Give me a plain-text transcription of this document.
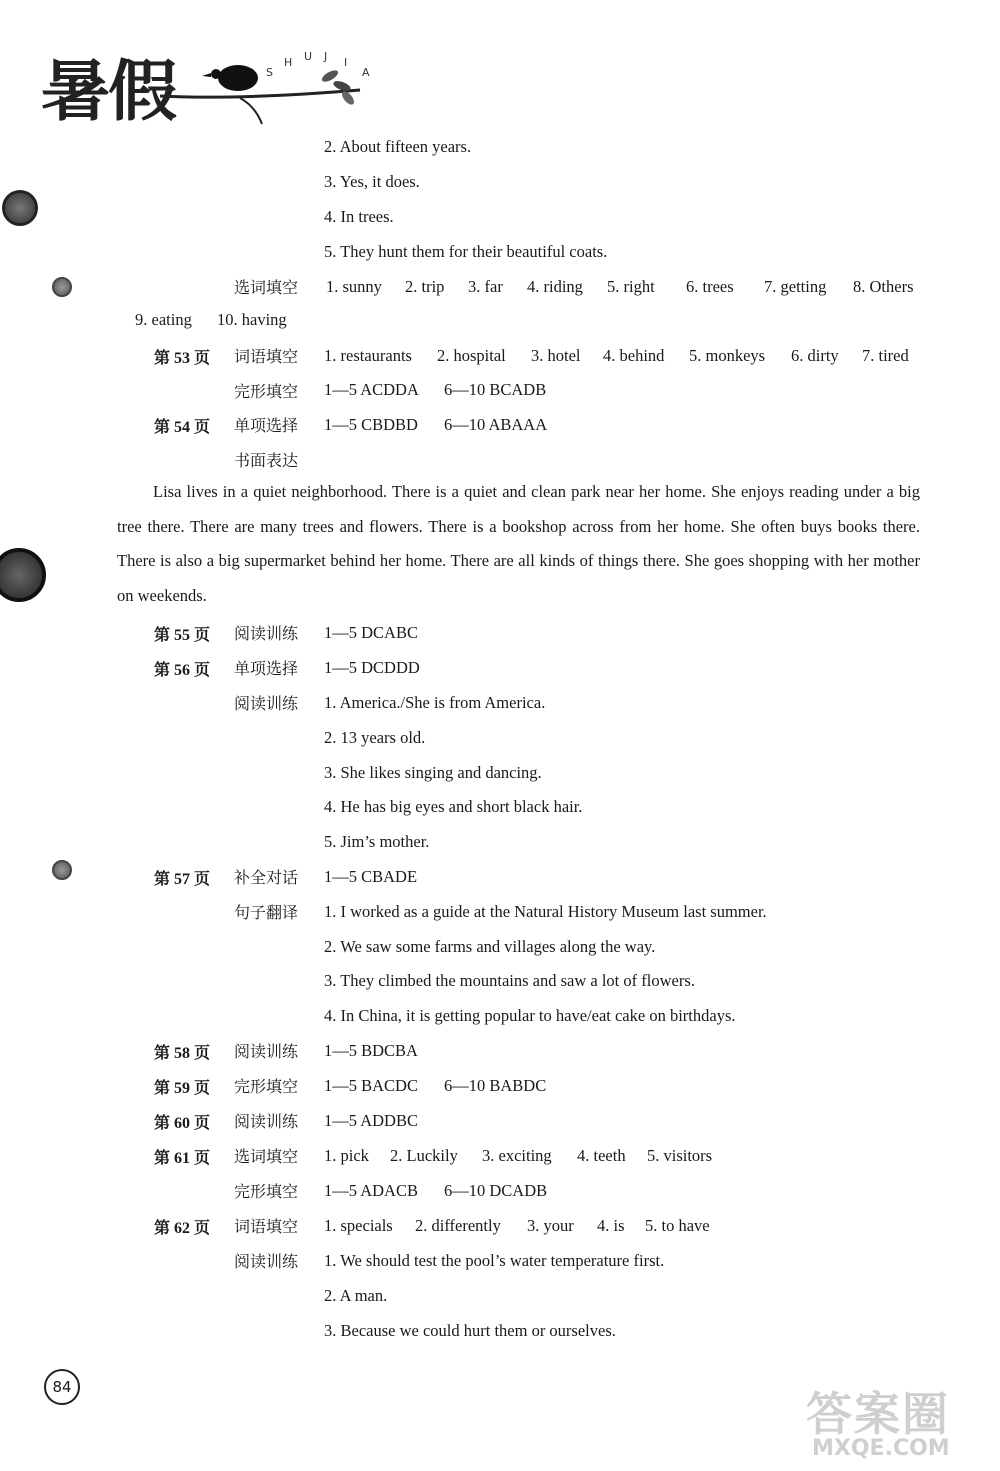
暑假	S
H U J I
A
2. About fifteen years.
3. Yes, it does.
4. In trees.
5. They hunt them for their beautiful coats.
选词填空 1. sunny 2. trip 3. far 4. riding 5. right 6. trees 7. getting 8. Others
9. eating 10. having
第 53 页 词语填空 1. restaurants 2. hospital 3. hotel 4. behind 5. monkeys 6. dirty 7. tired
完形填空 1—5 ACDDA 6—10 BCADB
第 54 页 单项选择 1—5 CBDBD 6—10 ABAAA
书面表达
Lisa lives in a quiet neighborhood. There is a quiet and clean park near her home. She enjoys reading under a big tree there. There are many trees and flowers. There is a bookshop across from her home. She often buys books there. There is also a big supermarket behind her home. There are all kinds of things there. She goes shopping with her mother on weekends.
第 55 页 阅读训练 1—5 DCABC
第 56 页 单项选择 1—5 DCDDD
阅读训练 1. America./She is from America.
2. 13 years old.
3. She likes singing and dancing.
4. He has big eyes and short black hair.
5. Jim’s mother.
第 57 页 补全对话 1—5 CBADE
句子翻译 1. I worked as a guide at the Natural History Museum last summer.
2. We saw some farms and villages along the way.
3. They climbed the mountains and saw a lot of flowers.
4. In China, it is getting popular to have/eat cake on birthdays.
第 58 页 阅读训练 1—5 BDCBA
第 59 页 完形填空 1—5 BACDC 6—10 BABDC
第 60 页 阅读训练 1—5 ADDBC
第 61 页 选词填空 1. pick 2. Luckily 3. exciting 4. teeth 5. visitors
完形填空 1—5 ADACB 6—10 DCADB
第 62 页 词语填空 1. specials 2. differently 3. your 4. is 5. to have
阅读训练 1. We should test the pool’s water temperature first.
2. A man.
3. Because we could hurt them or ourselves.
84	答案圈
MXQE.COM
